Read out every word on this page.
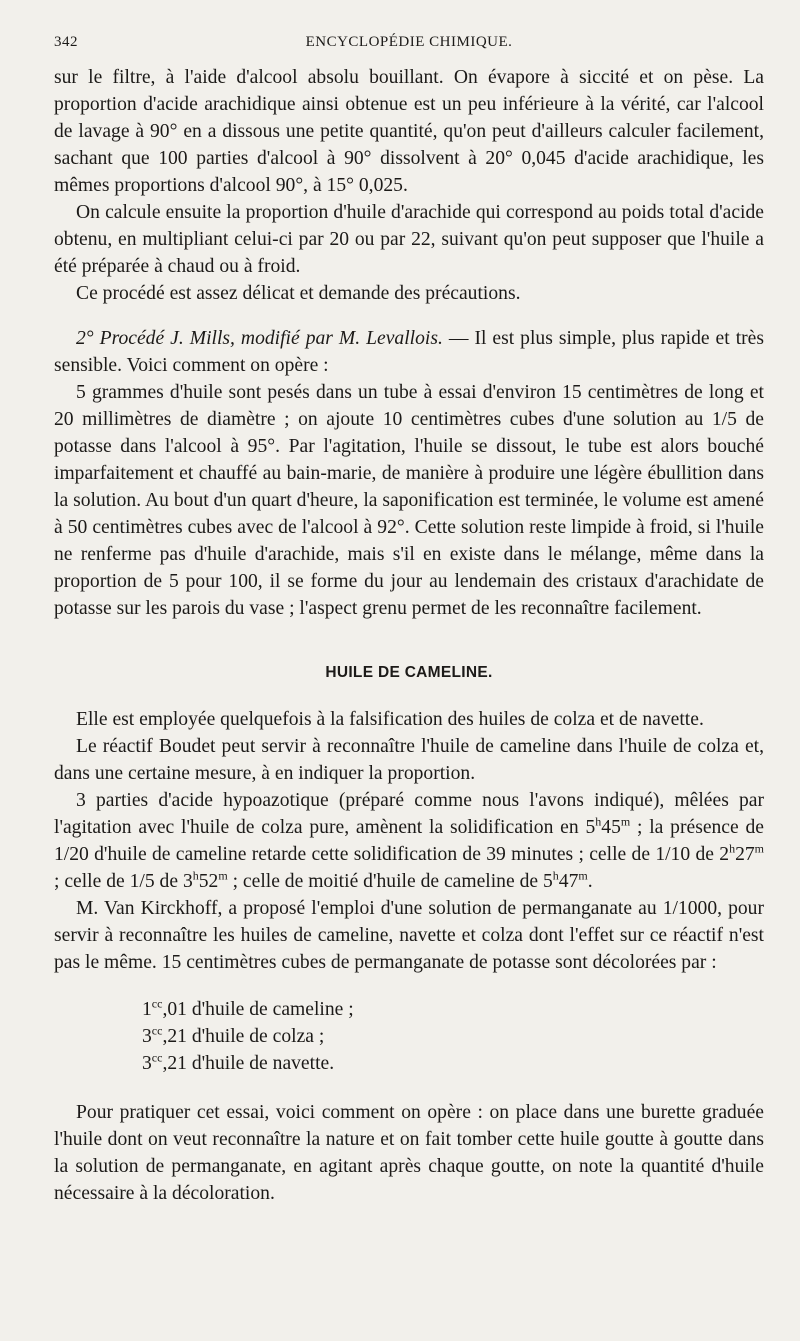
342	ENCYCLOPÉDIE CHIMIQUE.

sur le filtre, à l'aide d'alcool absolu bouillant. On évapore à siccité et on pèse. La proportion d'acide arachidique ainsi obtenue est un peu inférieure à la vérité, car l'alcool de lavage à 90° en a dissous une petite quantité, qu'on peut d'ailleurs calculer facilement, sachant que 100 parties d'alcool à 90° dissolvent à 20° 0,045 d'acide arachidique, les mêmes proportions d'alcool 90°, à 15° 0,025.

On calcule ensuite la proportion d'huile d'arachide qui correspond au poids total d'acide obtenu, en multipliant celui-ci par 20 ou par 22, suivant qu'on peut supposer que l'huile a été préparée à chaud ou à froid.

Ce procédé est assez délicat et demande des précautions.

2° Procédé J. Mills, modifié par M. Levallois. — Il est plus simple, plus rapide et très sensible. Voici comment on opère :

5 grammes d'huile sont pesés dans un tube à essai d'environ 15 centimètres de long et 20 millimètres de diamètre ; on ajoute 10 centimètres cubes d'une solution au 1/5 de potasse dans l'alcool à 95°. Par l'agitation, l'huile se dissout, le tube est alors bouché imparfaitement et chauffé au bain-marie, de manière à produire une légère ébullition dans la solution. Au bout d'un quart d'heure, la saponification est terminée, le volume est amené à 50 centimètres cubes avec de l'alcool à 92°. Cette solution reste limpide à froid, si l'huile ne renferme pas d'huile d'arachide, mais s'il en existe dans le mélange, même dans la proportion de 5 pour 100, il se forme du jour au lendemain des cristaux d'arachidate de potasse sur les parois du vase ; l'aspect grenu permet de les reconnaître facilement.

HUILE DE CAMELINE.

Elle est employée quelquefois à la falsification des huiles de colza et de navette.

Le réactif Boudet peut servir à reconnaître l'huile de cameline dans l'huile de colza et, dans une certaine mesure, à en indiquer la proportion.

3 parties d'acide hypoazotique (préparé comme nous l'avons indiqué), mêlées par l'agitation avec l'huile de colza pure, amènent la solidification en 5$^h$45$^m$ ; la présence de 1/20 d'huile de cameline retarde cette solidification de 39 minutes ; celle de 1/10 de 2$^h$27$^m$ ; celle de 1/5 de 3$^h$52$^m$ ; celle de moitié d'huile de cameline de 5$^h$47$^m$.

M. Van Kirckhoff, a proposé l'emploi d'une solution de permanganate au 1/1000, pour servir à reconnaître les huiles de cameline, navette et colza dont l'effet sur ce réactif n'est pas le même. 15 centimètres cubes de permanganate de potasse sont décolorées par :

$1^{cc},01$ d'huile de cameline ;
$3^{cc},21$ d'huile de colza ;
$3^{cc},21$ d'huile de navette.

Pour pratiquer cet essai, voici comment on opère : on place dans une burette graduée l'huile dont on veut reconnaître la nature et on fait tomber cette huile goutte à goutte dans la solution de permanganate, en agitant après chaque goutte, on note la quantité d'huile nécessaire à la décoloration.
